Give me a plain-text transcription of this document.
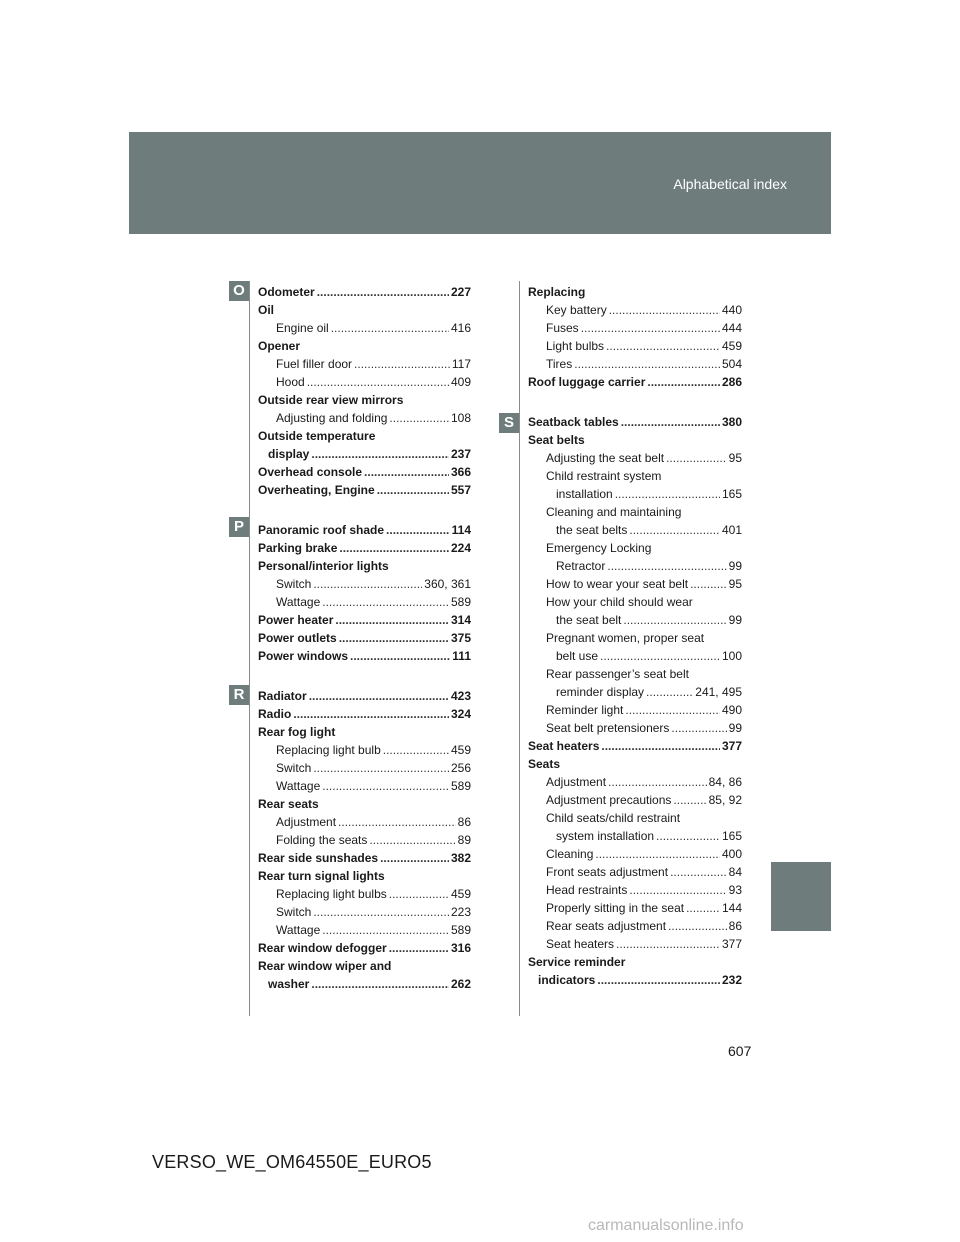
Alphabetical index
O
P
R
S
Odometer .....	227
Oil
Engine oil .....	416
Opener
Fuel filler door .....	117
Hood .....	409
Outside rear view mirrors
Adjusting and folding .....	108
Outside temperature
display .....	237
Overhead console .....	366
Overheating, Engine .....	557
Panoramic roof shade .....	114
Parking brake .....	224
Personal/interior lights
Switch .....	360, 361
Wattage .....	589
Power heater .....	314
Power outlets .....	375
Power windows .....	111
Radiator .....	423
Radio .....	324
Rear fog light
Replacing light bulb .....	459
Switch .....	256
Wattage .....	589
Rear seats
Adjustment .....	86
Folding the seats .....	89
Rear side sunshades .....	382
Rear turn signal lights
Replacing light bulbs .....	459
Switch .....	223
Wattage .....	589
Rear window defogger .....	316
Rear window wiper and
washer .....	262
Replacing
Key battery .....	440
Fuses .....	444
Light bulbs .....	459
Tires .....	504
Roof luggage carrier .....	286
Seatback tables .....	380
Seat belts
Adjusting the seat belt .....	95
Child restraint system
installation .....	165
Cleaning and maintaining
the seat belts .....	401
Emergency Locking
Retractor .....	99
How to wear your seat belt .....	95
How your child should wear
the seat belt .....	99
Pregnant women, proper seat
belt use .....	100
Rear passenger’s seat belt
reminder display .....	241, 495
Reminder light .....	490
Seat belt pretensioners .....	99
Seat heaters .....	377
Seats
Adjustment .....	84, 86
Adjustment precautions .....	85, 92
Child seats/child restraint
system installation .....	165
Cleaning .....	400
Front seats adjustment .....	84
Head restraints .....	93
Properly sitting in the seat .....	144
Rear seats adjustment .....	86
Seat heaters .....	377
Service reminder
indicators .....	232
607
VERSO_WE_OM64550E_EURO5
carmanualsonline.info
